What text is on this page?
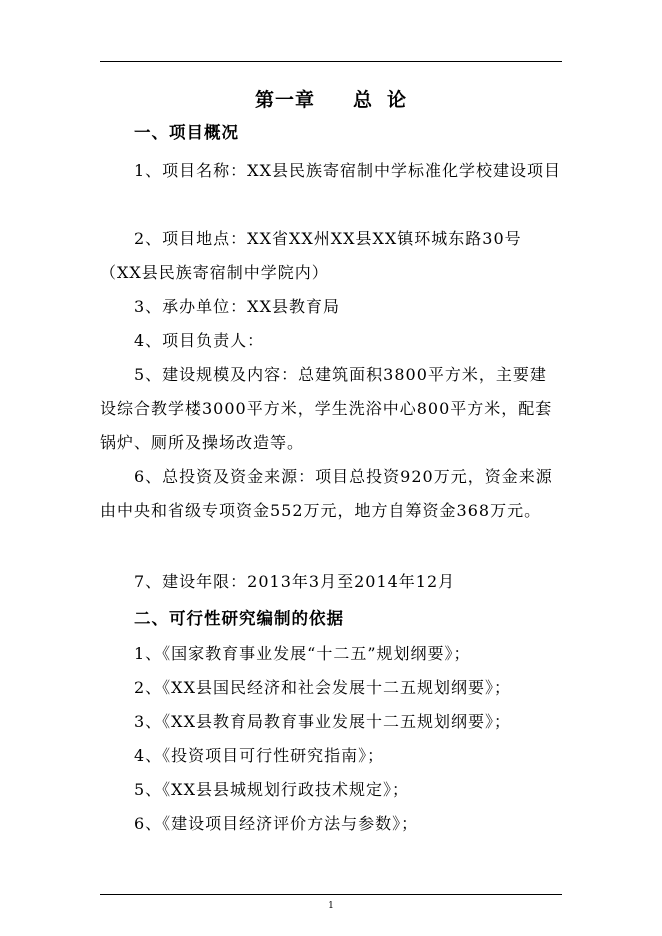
第一章 总 论

一、项目概况

1、项目名称：XX县民族寄宿制中学标准化学校建设项目

2、项目地点：XX省XX州XX县XX镇环城东路30号（XX县民族寄宿制中学院内）

3、承办单位：XX县教育局

4、项目负责人：

5、建设规模及内容：总建筑面积3800平方米，主要建设综合教学楼3000平方米，学生洗浴中心800平方米，配套锅炉、厕所及操场改造等。

6、总投资及资金来源：项目总投资920万元，资金来源由中央和省级专项资金552万元，地方自筹资金368万元。

7、建设年限：2013年3月至2014年12月

二、可行性研究编制的依据

1、《国家教育事业发展“十二五”规划纲要》；

2、《XX县国民经济和社会发展十二五规划纲要》；

3、《XX县教育局教育事业发展十二五规划纲要》；

4、《投资项目可行性研究指南》；

5、《XX县县城规划行政技术规定》；

6、《建设项目经济评价方法与参数》；

1
